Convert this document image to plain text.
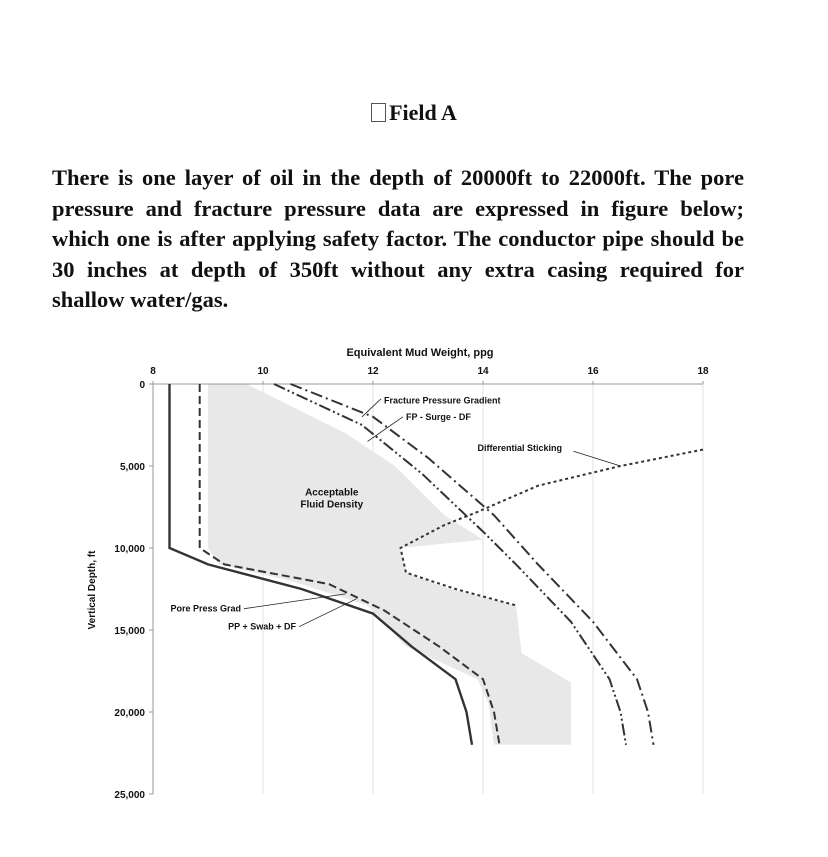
Field A

There is one layer of oil in the depth of 20000ft to 22000ft. The pore pressure and fracture pressure data are expressed in figure below; which one is after applying safety factor. The conductor pipe should be 30 inches at depth of 350ft without any extra casing required for shallow water/gas.

Equivalent Mud Weight, ppg
8	10	12	14	16	18
0
5,000
10,000
15,000
20,000
25,000
Acceptable
Fluid Density
Fracture Pressure Gradient
FP - Surge - DF
Differential Sticking
Pore Press Grad
PP + Swab + DF
Vertical Depth, ft
